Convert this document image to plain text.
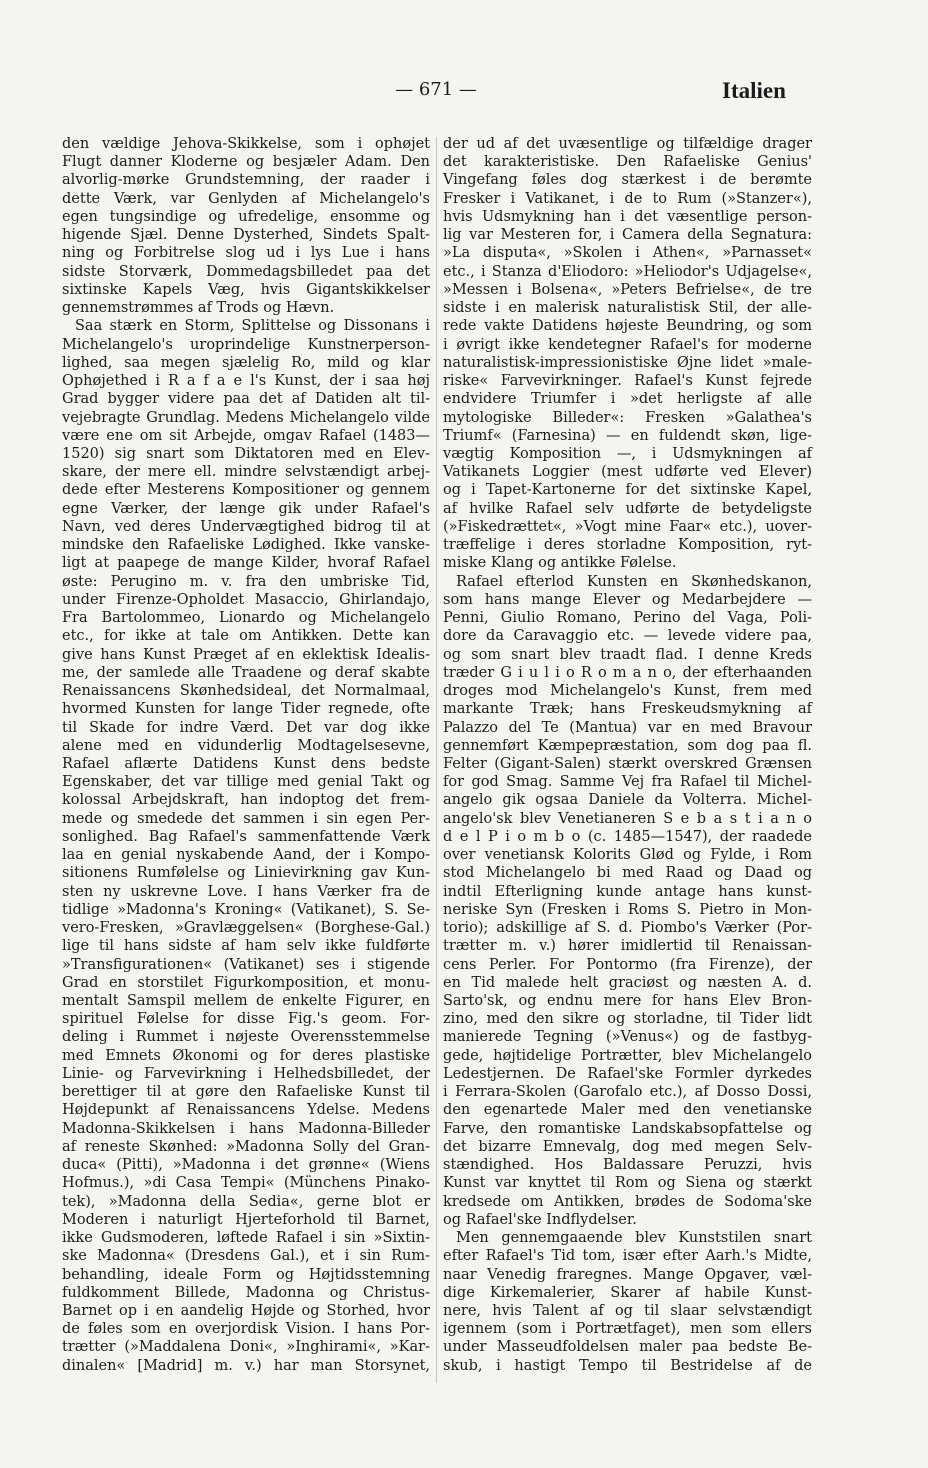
— 671 —	Italien
den vældige Jehova-Skikkelse, som i ophøjet
Flugt danner Kloderne og besjæler Adam. Den
alvorlig-mørke Grundstemning, der raader i
dette Værk, var Genlyden af Michelangelo's
egen tungsindige og ufredelige, ensomme og
higende Sjæl. Denne Dysterhed, Sindets Spalt-
ning og Forbitrelse slog ud i lys Lue i hans
sidste Storværk, Dommedagsbilledet paa det
sixtinske Kapels Væg, hvis Gigantskikkelser
gennemstrømmes af Trods og Hævn.
Saa stærk en Storm, Splittelse og Dissonans i
Michelangelo's uroprindelige Kunstnerperson-
lighed, saa megen sjælelig Ro, mild og klar
Ophøjethed i R a f a e l's Kunst, der i saa høj
Grad bygger videre paa det af Datiden alt til-
vejebragte Grundlag. Medens Michelangelo vilde
være ene om sit Arbejde, omgav Rafael (1483—
1520) sig snart som Diktatoren med en Elev-
skare, der mere ell. mindre selvstændigt arbej-
dede efter Mesterens Kompositioner og gennem
egne Værker, der længe gik under Rafael's
Navn, ved deres Undervægtighed bidrog til at
mindske den Rafaeliske Lødighed. Ikke vanske-
ligt at paapege de mange Kilder, hvoraf Rafael
øste: Perugino m. v. fra den umbriske Tid,
under Firenze-Opholdet Masaccio, Ghirlandajo,
Fra Bartolommeo, Lionardo og Michelangelo
etc., for ikke at tale om Antikken. Dette kan
give hans Kunst Præget af en eklektisk Idealis-
me, der samlede alle Traadene og deraf skabte
Renaissancens Skønhedsideal, det Normalmaal,
hvormed Kunsten for lange Tider regnede, ofte
til Skade for indre Værd. Det var dog ikke
alene med en vidunderlig Modtagelsesevne,
Rafael aflærte Datidens Kunst dens bedste
Egenskaber, det var tillige med genial Takt og
kolossal Arbejdskraft, han indoptog det frem-
mede og smedede det sammen i sin egen Per-
sonlighed. Bag Rafael's sammenfattende Værk
laa en genial nyskabende Aand, der i Kompo-
sitionens Rumfølelse og Linievirkning gav Kun-
sten ny uskrevne Love. I hans Værker fra de
tidlige »Madonna's Kroning« (Vatikanet), S. Se-
vero-Fresken, »Gravlæggelsen« (Borghese-Gal.)
lige til hans sidste af ham selv ikke fuldførte
»Transfigurationen« (Vatikanet) ses i stigende
Grad en storstilet Figurkomposition, et monu-
mentalt Samspil mellem de enkelte Figurer, en
spirituel Følelse for disse Fig.'s geom. For-
deling i Rummet i nøjeste Overensstemmelse
med Emnets Økonomi og for deres plastiske
Linie- og Farvevirkning i Helhedsbilledet, der
berettiger til at gøre den Rafaeliske Kunst til
Højdepunkt af Renaissancens Ydelse. Medens
Madonna-Skikkelsen i hans Madonna-Billeder
af reneste Skønhed: »Madonna Solly del Gran-
duca« (Pitti), »Madonna i det grønne« (Wiens
Hofmus.), »di Casa Tempi« (Münchens Pinako-
tek), »Madonna della Sedia«, gerne blot er
Moderen i naturligt Hjerteforhold til Barnet,
ikke Gudsmoderen, løftede Rafael i sin »Sixtin-
ske Madonna« (Dresdens Gal.), et i sin Rum-
behandling, ideale Form og Højtidsstemning
fuldkomment Billede, Madonna og Christus-
Barnet op i en aandelig Højde og Storhed, hvor
de føles som en overjordisk Vision. I hans Por-
trætter (»Maddalena Doni«, »Inghirami«, »Kar-
dinalen« [Madrid] m. v.) har man Storsynet,
der ud af det uvæsentlige og tilfældige drager
det karakteristiske. Den Rafaeliske Genius'
Vingefang føles dog stærkest i de berømte
Fresker i Vatikanet, i de to Rum (»Stanzer«),
hvis Udsmykning han i det væsentlige person-
lig var Mesteren for, i Camera della Segnatura:
»La disputa«, »Skolen i Athen«, »Parnasset«
etc., i Stanza d'Eliodoro: »Heliodor's Udjagelse«,
»Messen i Bolsena«, »Peters Befrielse«, de tre
sidste i en malerisk naturalistisk Stil, der alle-
rede vakte Datidens højeste Beundring, og som
i øvrigt ikke kendetegner Rafael's for moderne
naturalistisk-impressionistiske Øjne lidet »male-
riske« Farvevirkninger. Rafael's Kunst fejrede
endvidere Triumfer i »det herligste af alle
mytologiske Billeder«: Fresken »Galathea's
Triumf« (Farnesina) — en fuldendt skøn, lige-
vægtig Komposition —, i Udsmykningen af
Vatikanets Loggier (mest udførte ved Elever)
og i Tapet-Kartonerne for det sixtinske Kapel,
af hvilke Rafael selv udførte de betydeligste
(»Fiskedrættet«, »Vogt mine Faar« etc.), uover-
træffelige i deres storladne Komposition, ryt-
miske Klang og antikke Følelse.
Rafael efterlod Kunsten en Skønhedskanon,
som hans mange Elever og Medarbejdere —
Penni, Giulio Romano, Perino del Vaga, Poli-
dore da Caravaggio etc. — levede videre paa,
og som snart blev traadt flad. I denne Kreds
træder G i u l i o R o m a n o, der efterhaanden
droges mod Michelangelo's Kunst, frem med
markante Træk; hans Freskeudsmykning af
Palazzo del Te (Mantua) var en med Bravour
gennemført Kæmpepræstation, som dog paa fl.
Felter (Gigant-Salen) stærkt overskred Grænsen
for god Smag. Samme Vej fra Rafael til Michel-
angelo gik ogsaa Daniele da Volterra. Michel-
angelo'sk blev Venetianeren S e b a s t i a n o
d e l P i o m b o (c. 1485—1547), der raadede
over venetiansk Kolorits Glød og Fylde, i Rom
stod Michelangelo bi med Raad og Daad og
indtil Efterligning kunde antage hans kunst-
neriske Syn (Fresken i Roms S. Pietro in Mon-
torio); adskillige af S. d. Piombo's Værker (Por-
trætter m. v.) hører imidlertid til Renaissan-
cens Perler. For Pontormo (fra Firenze), der
en Tid malede helt graciøst og næsten A. d.
Sarto'sk, og endnu mere for hans Elev Bron-
zino, med den sikre og storladne, til Tider lidt
manierede Tegning (»Venus«) og de fastbyg-
gede, højtidelige Portrætter, blev Michelangelo
Ledestjernen. De Rafael'ske Formler dyrkedes
i Ferrara-Skolen (Garofalo etc.), af Dosso Dossi,
den egenartede Maler med den venetianske
Farve, den romantiske Landskabsopfattelse og
det bizarre Emnevalg, dog med megen Selv-
stændighed. Hos Baldassare Peruzzi, hvis
Kunst var knyttet til Rom og Siena og stærkt
kredsede om Antikken, brødes de Sodoma'ske
og Rafael'ske Indflydelser.
Men gennemgaaende blev Kunststilen snart
efter Rafael's Tid tom, især efter Aarh.'s Midte,
naar Venedig fraregnes. Mange Opgaver, væl-
dige Kirkemalerier, Skarer af habile Kunst-
nere, hvis Talent af og til slaar selvstændigt
igennem (som i Portrætfaget), men som ellers
under Masseudfoldelsen maler paa bedste Be-
skub, i hastigt Tempo til Bestridelse af de
